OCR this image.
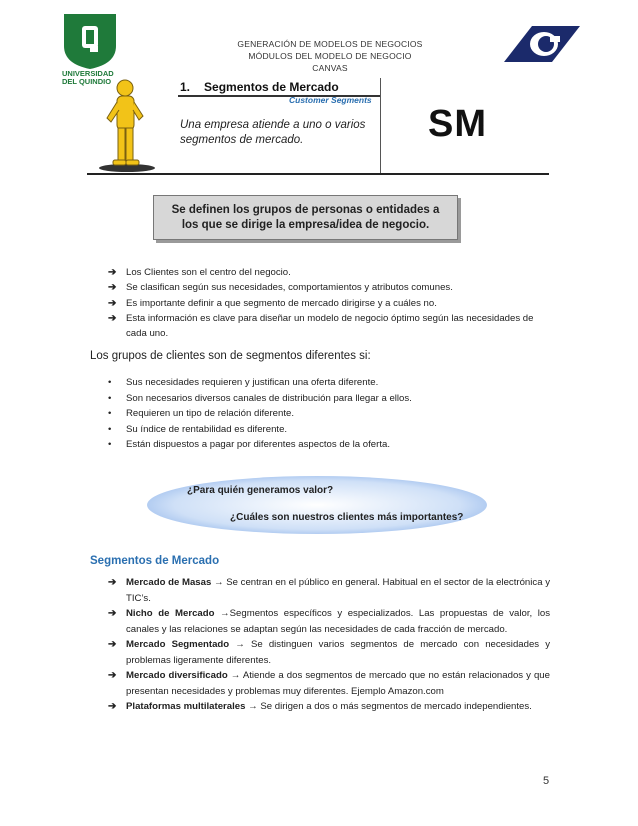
UNIVERSIDAD
DEL QUINDIO
GENERACIÓN DE MODELOS DE NEGOCIOS
MÓDULOS DEL MODELO DE NEGOCIO CANVAS
1. Segmentos de Mercado
Customer Segments
Una empresa atiende a uno o varios segmentos de mercado.	SM
Se definen los grupos de personas o entidades a los que se dirige la empresa/idea de negocio.
➔	Los Clientes son el centro del negocio.
➔	Se clasifican según sus necesidades, comportamientos y atributos comunes.
➔	Es importante definir a que segmento de mercado dirigirse y a cuáles no.
➔	Esta información es clave para diseñar un modelo de negocio óptimo según las necesidades de cada uno.
Los grupos de clientes son de segmentos diferentes si:
•	Sus necesidades requieren y justifican una oferta diferente.
•	Son necesarios diversos canales de distribución para llegar a ellos.
•	Requieren un tipo de relación diferente.
•	Su índice de rentabilidad es diferente.
•	Están dispuestos a pagar por diferentes aspectos de la oferta.
¿Para quién generamos valor?
¿Cuáles son nuestros clientes más importantes?
Segmentos de Mercado
➔	Mercado de Masas → Se centran en el público en general. Habitual en el sector de la electrónica y TIC’s.
➔	Nicho de Mercado →Segmentos específicos y especializados. Las propuestas de valor, los canales y las relaciones se adaptan según las necesidades de cada fracción de mercado.
➔	Mercado Segmentado → Se distinguen varios segmentos de mercado con necesidades y problemas ligeramente diferentes.
➔	Mercado diversificado → Atiende a dos segmentos de mercado que no están relacionados y que presentan necesidades y problemas muy diferentes. Ejemplo Amazon.com
➔	Plataformas multilaterales → Se dirigen a dos o más segmentos de mercado independientes.
5
